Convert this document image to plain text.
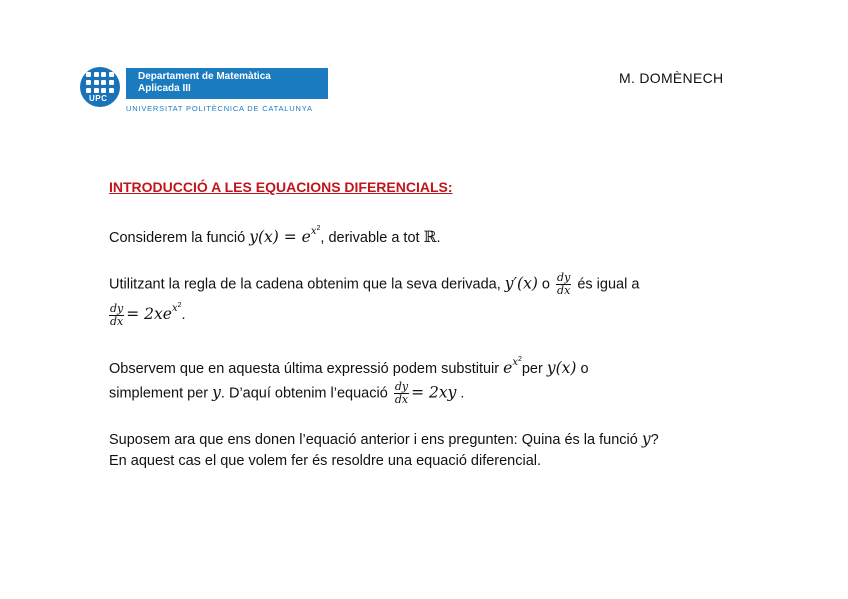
UPC
Departament de Matemàtica
Aplicada III
UNIVERSITAT POLITÈCNICA DE CATALUNYA
M. DOMÈNECH
INTRODUCCIÓ A LES EQUACIONS DIFERENCIALS:
Considerem la funció $y(x) = e^{x^2}$, derivable a tot ℝ.
Utilitzant la regla de la cadena obtenim que la seva derivada, y′(x) o $\frac{dy}{dx}$ és igual a
$\frac{dy}{dx} = 2xe^{x^2}$.
Observem que en aquesta última expressió podem substituir $e^{x^2}per$ y(x) o
simplement per y. D’aquí obtenim l’equació $\frac{dy}{dx} = 2xy$ .
Suposem ara que ens donen l’equació anterior i ens pregunten: Quina és la funció y?
En aquest cas el que volem fer és resoldre una equació diferencial.
